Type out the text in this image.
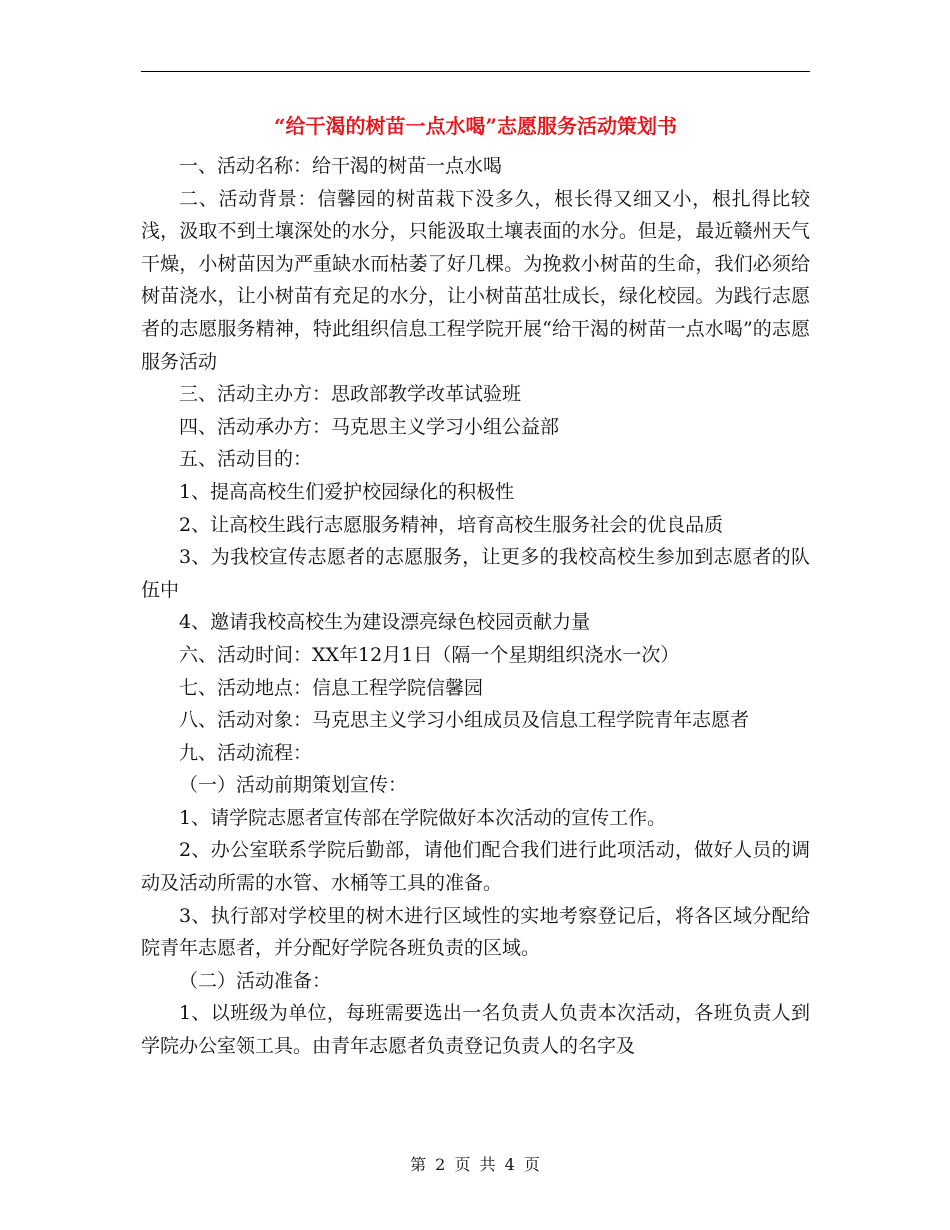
“给干渴的树苗一点水喝”志愿服务活动策划书

一、活动名称：给干渴的树苗一点水喝

二、活动背景：信馨园的树苗栽下没多久，根长得又细又小，根扎得比较浅，汲取不到土壤深处的水分，只能汲取土壤表面的水分。但是，最近赣州天气干燥，小树苗因为严重缺水而枯萎了好几棵。为挽救小树苗的生命，我们必须给树苗浇水，让小树苗有充足的水分，让小树苗茁壮成长，绿化校园。为践行志愿者的志愿服务精神，特此组织信息工程学院开展“给干渴的树苗一点水喝”的志愿服务活动

三、活动主办方：思政部教学改革试验班

四、活动承办方：马克思主义学习小组公益部

五、活动目的：

1、提高高校生们爱护校园绿化的积极性

2、让高校生践行志愿服务精神，培育高校生服务社会的优良品质

3、为我校宣传志愿者的志愿服务，让更多的我校高校生参加到志愿者的队伍中

4、邀请我校高校生为建设漂亮绿色校园贡献力量

六、活动时间：XX年12月1日（隔一个星期组织浇水一次）

七、活动地点：信息工程学院信馨园

八、活动对象：马克思主义学习小组成员及信息工程学院青年志愿者

九、活动流程：

（一）活动前期策划宣传：

1、请学院志愿者宣传部在学院做好本次活动的宣传工作。

2、办公室联系学院后勤部，请他们配合我们进行此项活动，做好人员的调动及活动所需的水管、水桶等工具的准备。

3、执行部对学校里的树木进行区域性的实地考察登记后，将各区域分配给院青年志愿者，并分配好学院各班负责的区域。

（二）活动准备：

1、以班级为单位，每班需要选出一名负责人负责本次活动，各班负责人到学院办公室领工具。由青年志愿者负责登记负责人的名字及

第 2 页 共 4 页
